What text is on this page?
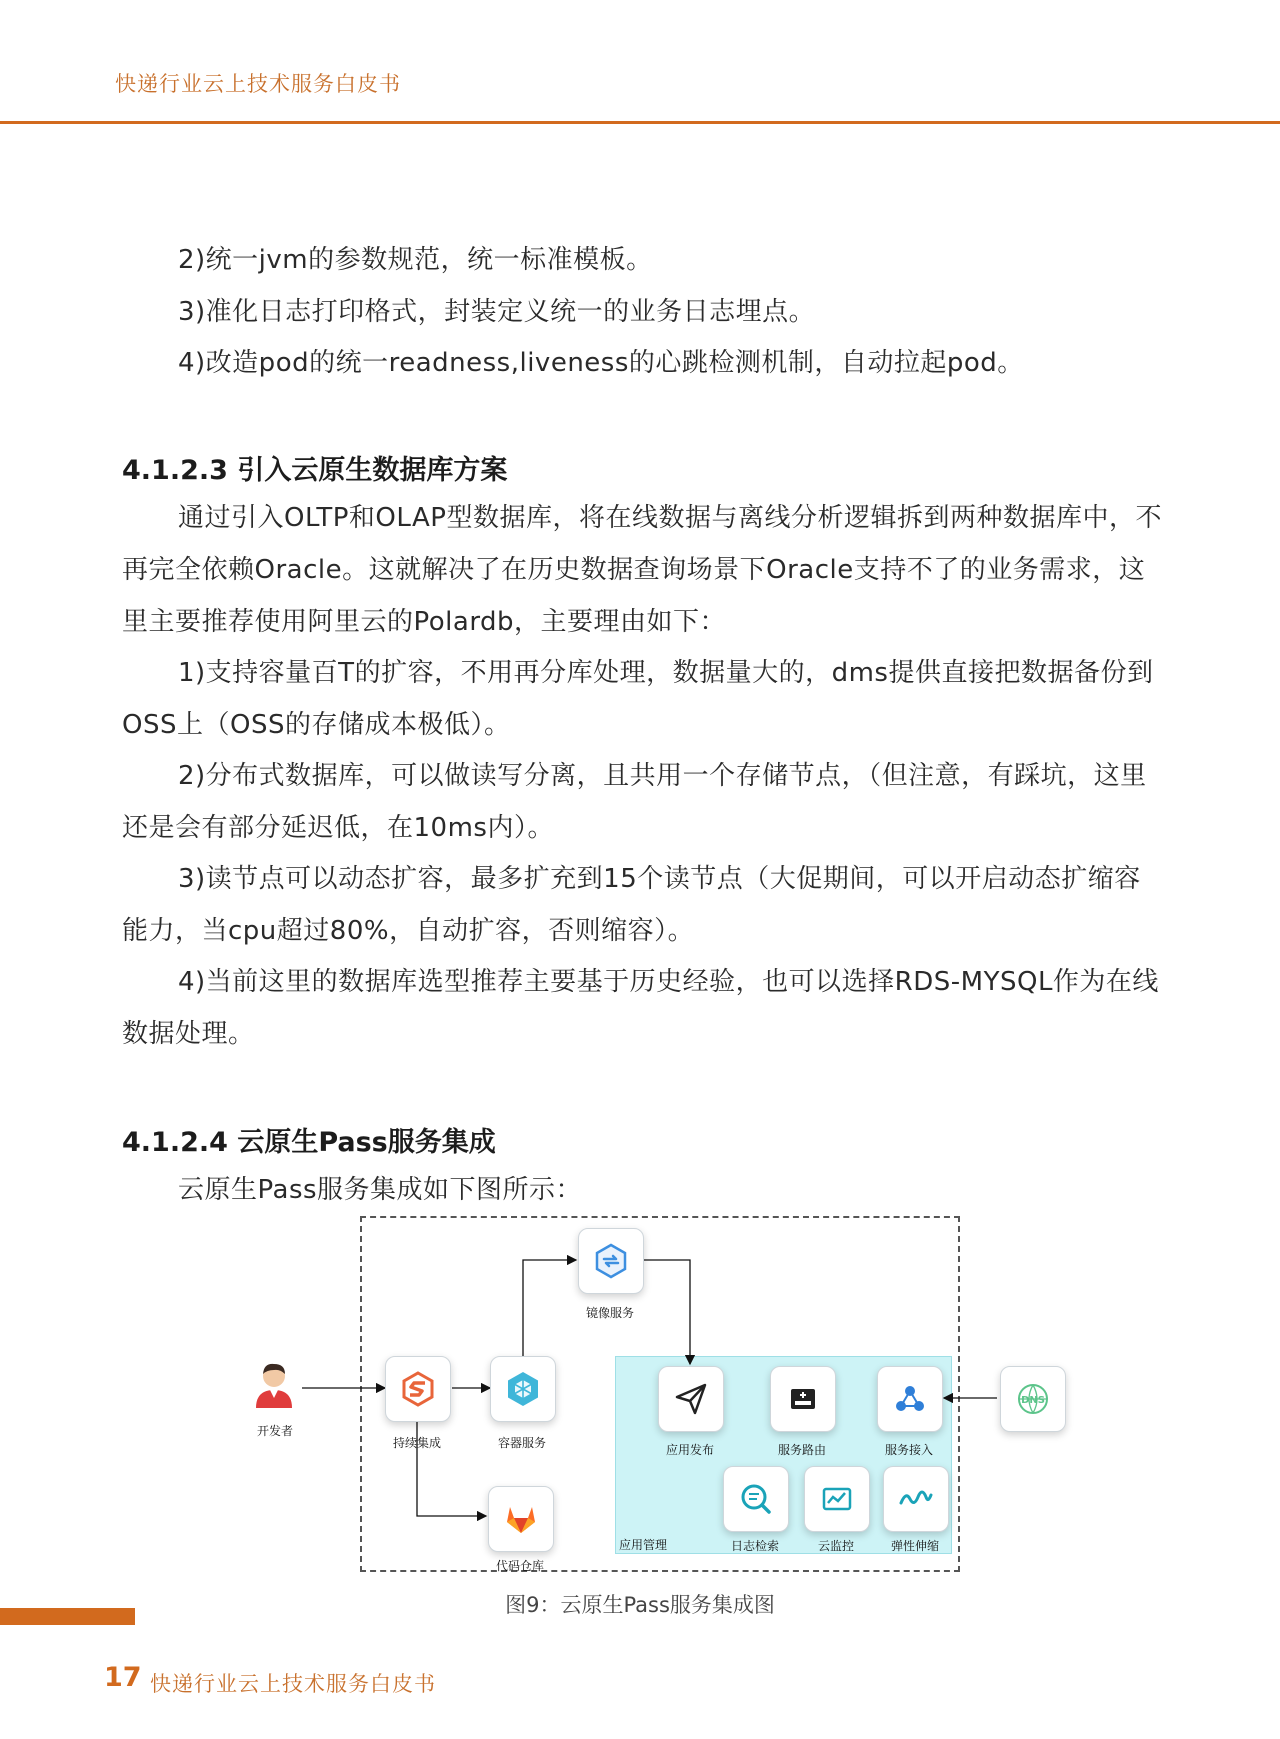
快递行业云上技术服务白皮书
2)统一jvm的参数规范，统一标准模板。
3)准化日志打印格式，封装定义统一的业务日志埋点。
4)改造pod的统一readness,liveness的心跳检测机制，自动拉起pod。
4.1.2.3 引入云原生数据库方案
通过引入OLTP和OLAP型数据库，将在线数据与离线分析逻辑拆到两种数据库中，不再完全依赖Oracle。这就解决了在历史数据查询场景下Oracle支持不了的业务需求，这里主要推荐使用阿里云的Polardb，主要理由如下：
1)支持容量百T的扩容，不用再分库处理，数据量大的，dms提供直接把数据备份到OSS上（OSS的存储成本极低）。
2)分布式数据库，可以做读写分离，且共用一个存储节点，（但注意，有踩坑，这里还是会有部分延迟低，在10ms内）。
3)读节点可以动态扩容，最多扩充到15个读节点（大促期间，可以开启动态扩缩容能力，当cpu超过80%，自动扩容，否则缩容）。
4)当前这里的数据库选型推荐主要基于历史经验，也可以选择RDS-MYSQL作为在线数据处理。
4.1.2.4 云原生Pass服务集成
云原生Pass服务集成如下图所示：
应用管理
开发者
持续集成	容器服务
镜像服务
代码仓库
应用发布	服务路由	服务接入
日志检索	云监控	弹性伸缩
DNS
图9：云原生Pass服务集成图
17 快递行业云上技术服务白皮书
